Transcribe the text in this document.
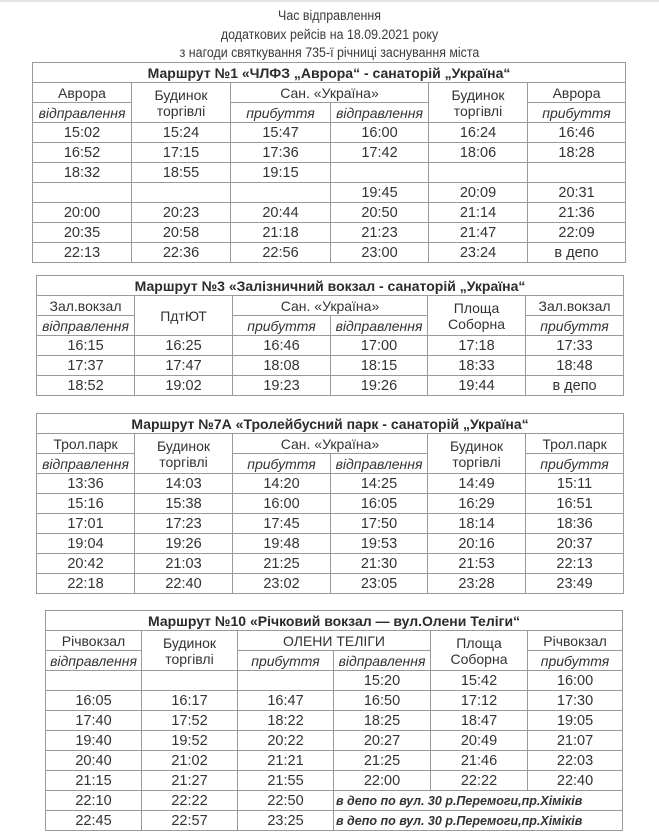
Час відправлення
додаткових рейсів на 18.09.2021 року
з нагоди святкування 735-ї річниці заснування міста
Маршрут №1 «ЧЛФЗ „Аврора“ - санаторій „Україна“					
Аврора	Будинок торгівлі	Сан. «Україна»		Будинок торгівлі	Аврора
відправлення		прибуття	відправлення		прибуття
15:02	15:24	15:47	16:00	16:24	16:46
16:52	17:15	17:36	17:42	18:06	18:28
18:32	18:55	19:15			
			19:45	20:09	20:31
20:00	20:23	20:44	20:50	21:14	21:36
20:35	20:58	21:18	21:23	21:47	22:09
22:13	22:36	22:56	23:00	23:24	в депо
Маршрут №3 «Залізничний вокзал - санаторій „Україна“					
Зал.вокзал	ПдтЮТ	Сан. «Україна»		Площа Соборна	Зал.вокзал
відправлення		прибуття	відправлення		прибуття
16:15	16:25	16:46	17:00	17:18	17:33
17:37	17:47	18:08	18:15	18:33	18:48
18:52	19:02	19:23	19:26	19:44	в депо
Маршрут №7А «Тролейбусний парк - санаторій „Україна“					
Трол.парк	Будинок торгівлі	Сан. «Україна»		Будинок торгівлі	Трол.парк
відправлення		прибуття	відправлення		прибуття
13:36	14:03	14:20	14:25	14:49	15:11
15:16	15:38	16:00	16:05	16:29	16:51
17:01	17:23	17:45	17:50	18:14	18:36
19:04	19:26	19:48	19:53	20:16	20:37
20:42	21:03	21:25	21:30	21:53	22:13
22:18	22:40	23:02	23:05	23:28	23:49
Маршрут №10 «Річковий вокзал — вул.Олени Теліги“					
Річвокзал	Будинок торгівлі	ОЛЕНИ ТЕЛІГИ		Площа Соборна	Річвокзал
відправлення		прибуття	відправлення		прибуття
			15:20	15:42	16:00
16:05	16:17	16:47	16:50	17:12	17:30
17:40	17:52	18:22	18:25	18:47	19:05
19:40	19:52	20:22	20:27	20:49	21:07
20:40	21:02	21:21	21:25	21:46	22:03
21:15	21:27	21:55	22:00	22:22	22:40
22:10	22:22	22:50	в депо по вул. 30 р.Перемоги,пр.Хіміків		
22:45	22:57	23:25	в депо по вул. 30 р.Перемоги,пр.Хіміків		
